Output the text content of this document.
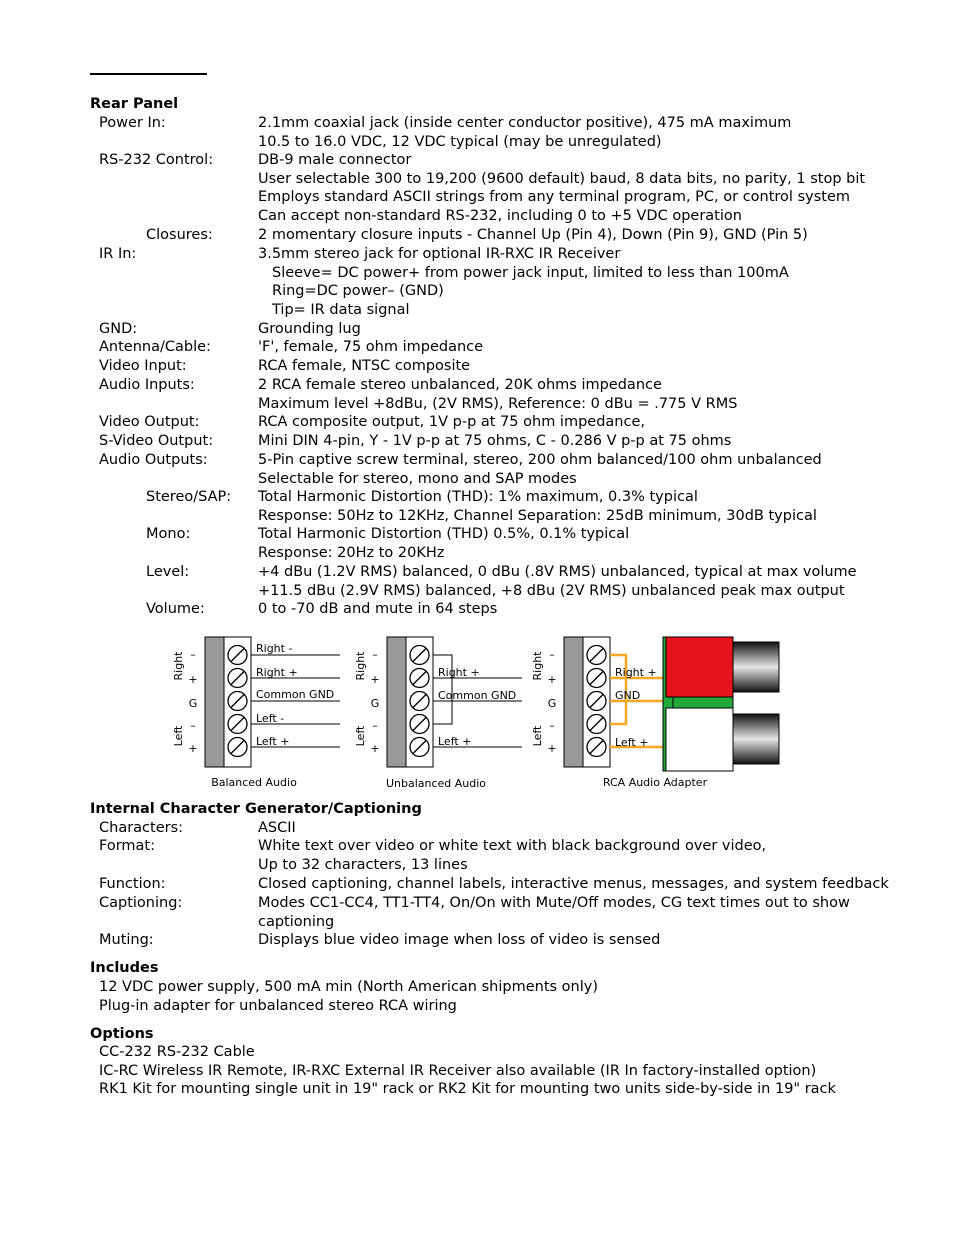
Rear Panel
Power In:	2.1mm coaxial jack (inside center conductor positive), 475 mA maximum
10.5 to 16.0 VDC, 12 VDC typical (may be unregulated)
RS-232 Control:	DB-9 male connector
User selectable 300 to 19,200 (9600 default) baud, 8 data bits, no parity, 1 stop bit
Employs standard ASCII strings from any terminal program, PC, or control system
Can accept non-standard RS-232, including 0 to +5 VDC operation
Closures:	2 momentary closure inputs - Channel Up (Pin 4), Down (Pin 9), GND (Pin 5)
IR In:	3.5mm stereo jack for optional IR-RXC IR Receiver
Sleeve= DC power+ from power jack input, limited to less than 100mA
Ring=DC power– (GND)
Tip= IR data signal
GND:	Grounding lug
Antenna/Cable:	'F', female, 75 ohm impedance
Video Input:	RCA female, NTSC composite
Audio Inputs:	2 RCA female stereo unbalanced, 20K ohms impedance
Maximum level +8dBu, (2V RMS), Reference: 0 dBu = .775 V RMS
Video Output:	RCA composite output, 1V p-p at 75 ohm impedance,
S-Video Output:	Mini DIN 4-pin, Y - 1V p-p at 75 ohms, C - 0.286 V p-p at 75 ohms
Audio Outputs:	5-Pin captive screw terminal, stereo, 200 ohm balanced/100 ohm unbalanced
Selectable for stereo, mono and SAP modes
Stereo/SAP: Total Harmonic Distortion (THD): 1% maximum, 0.3% typical
Response: 50Hz to 12KHz, Channel Separation: 25dB minimum, 30dB typical
Mono:	Total Harmonic Distortion (THD) 0.5%, 0.1% typical
Response: 20Hz to 20KHz
Level:	+4 dBu (1.2V RMS) balanced, 0 dBu (.8V RMS) unbalanced, typical at max volume
+11.5 dBu (2.9V RMS) balanced, +8 dBu (2V RMS) unbalanced peak max output
Volume:	0 to -70 dB and mute in 64 steps
Right
Left
–
+
G
–
+
Right -
Right +
Common GND
Left -
Left +
Balanced Audio
Right
Left
–
+
G
–
+
Right +
Common GND
Left +
Unbalanced Audio
Right
Left
–
+
G
–
+
Right +
GND
Left +
RCA Audio Adapter
Internal Character Generator/Captioning
Characters:	ASCII
Format:	White text over video or white text with black background over video,
Up to 32 characters, 13 lines
Function:	Closed captioning, channel labels, interactive menus, messages, and system feedback
Captioning:	Modes CC1-CC4, TT1-TT4, On/On with Mute/Off modes, CG text times out to show
captioning
Muting:	Displays blue video image when loss of video is sensed
Includes
12 VDC power supply, 500 mA min (North American shipments only)
Plug-in adapter for unbalanced stereo RCA wiring
Options
CC-232 RS-232 Cable
IC-RC Wireless IR Remote, IR-RXC External IR Receiver also available (IR In factory-installed option)
RK1 Kit for mounting single unit in 19" rack or RK2 Kit for mounting two units side-by-side in 19" rack
